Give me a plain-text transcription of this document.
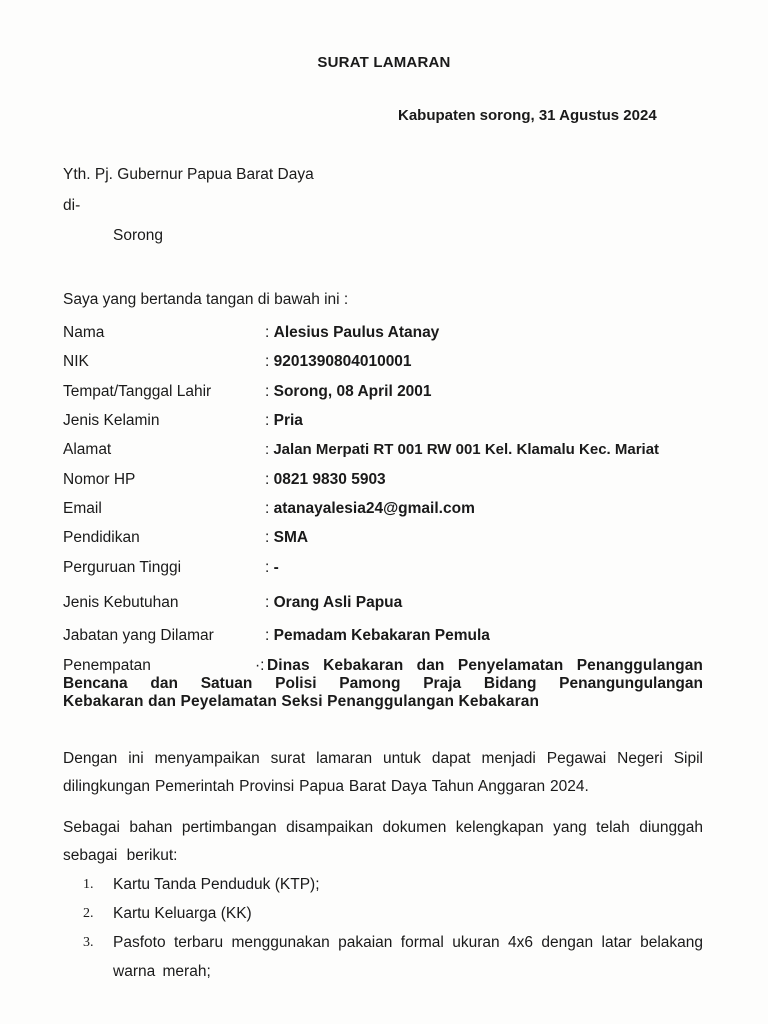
SURAT LAMARAN
Kabupaten sorong, 31 Agustus 2024
Yth. Pj. Gubernur Papua Barat Daya
di-
Sorong
Saya yang bertanda tangan di bawah ini :
Nama	: Alesius Paulus Atanay
NIK	: 9201390804010001
Tempat/Tanggal Lahir	: Sorong, 08 April 2001
Jenis Kelamin	: Pria
Alamat	: Jalan Merpati RT 001 RW 001 Kel. Klamalu Kec. Mariat
Nomor HP	: 0821 9830 5903
Email	: atanayalesia24@gmail.com
Pendidikan	: SMA
Perguruan Tinggi	: -
Jenis Kebutuhan	: Orang Asli Papua
Jabatan yang Dilamar	: Pemadam Kebakaran Pemula
Penempatan	·: Dinas Kebakaran dan Penyelamatan Penanggulangan
Bencana dan Satuan Polisi Pamong Praja Bidang Penangungulangan
Kebakaran dan Peyelamatan Seksi Penanggulangan Kebakaran
Dengan ini menyampaikan surat lamaran untuk dapat menjadi Pegawai Negeri Sipil dilingkungan Pemerintah Provinsi Papua Barat Daya Tahun Anggaran 2024.
Sebagai bahan pertimbangan disampaikan dokumen kelengkapan yang telah diunggah sebagai berikut:
1. Kartu Tanda Penduduk (KTP);
2. Kartu Keluarga (KK)
3. Pasfoto terbaru menggunakan pakaian formal ukuran 4x6 dengan latar belakang warna merah;
